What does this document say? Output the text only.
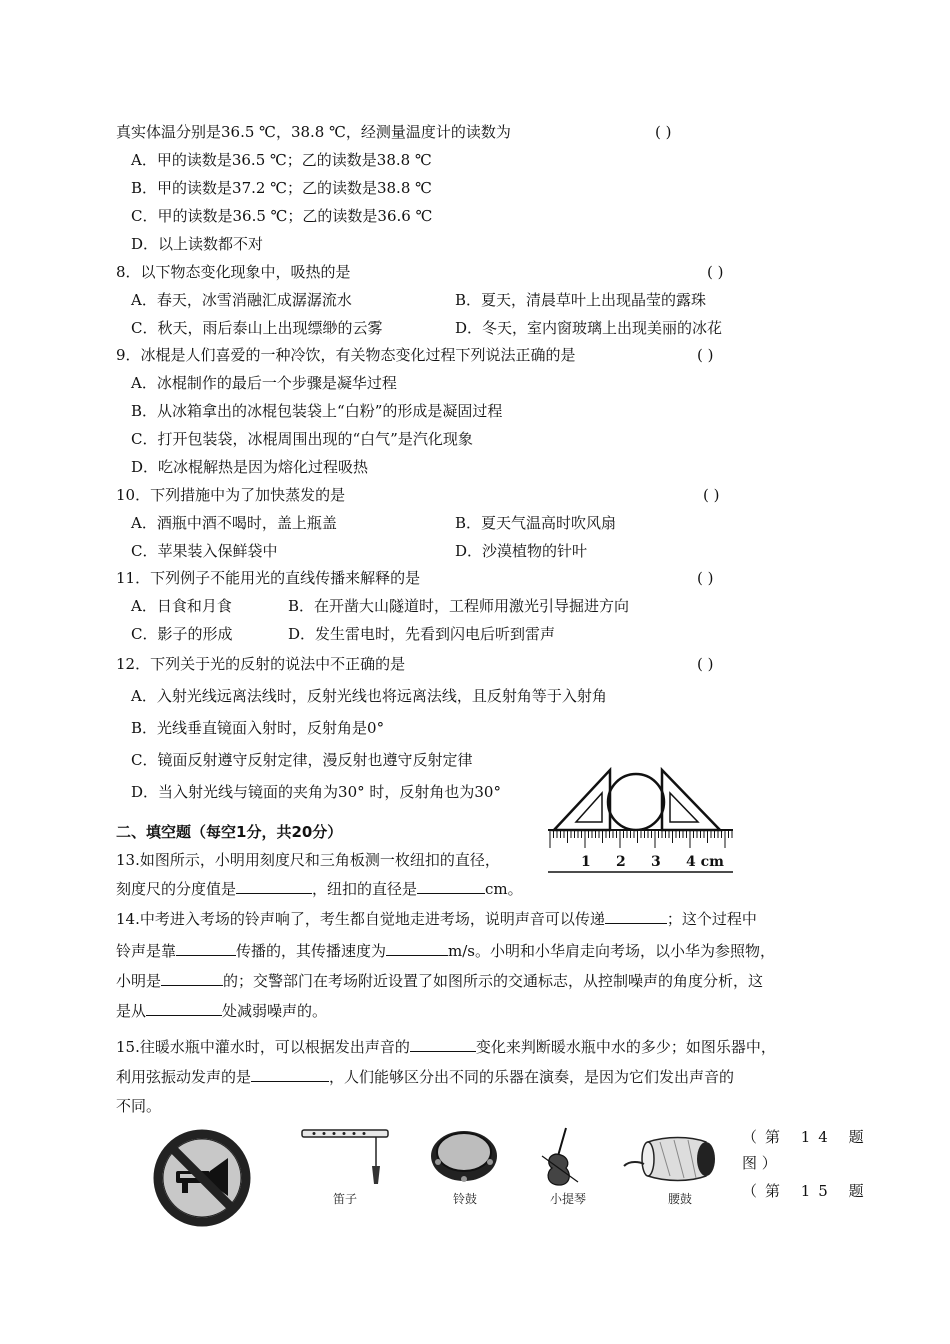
真实体温分别是36.5 ℃，38.8 ℃，经测量温度计的读数为	( )
A．甲的读数是36.5 ℃；乙的读数是38.8 ℃
B．甲的读数是37.2 ℃；乙的读数是38.8 ℃
C．甲的读数是36.5 ℃；乙的读数是36.6 ℃
D．以上读数都不对
8．以下物态变化现象中，吸热的是	( )
A．春天，冰雪消融汇成潺潺流水	B．夏天，清晨草叶上出现晶莹的露珠
C．秋天，雨后泰山上出现缥缈的云雾	D．冬天，室内窗玻璃上出现美丽的冰花
9．冰棍是人们喜爱的一种冷饮，有关物态变化过程下列说法正确的是	( )
A．冰棍制作的最后一个步骤是凝华过程
B．从冰箱拿出的冰棍包装袋上“白粉”的形成是凝固过程
C．打开包装袋，冰棍周围出现的“白气”是汽化现象
D．吃冰棍解热是因为熔化过程吸热
10．下列措施中为了加快蒸发的是	( )
A．酒瓶中酒不喝时，盖上瓶盖	B．夏天气温高时吹风扇
C．苹果装入保鲜袋中	D．沙漠植物的针叶
11．下列例子不能用光的直线传播来解释的是	( )
A．日食和月食	B．在开凿大山隧道时，工程师用激光引导掘进方向
C．影子的形成	D．发生雷电时，先看到闪电后听到雷声
12．下列关于光的反射的说法中不正确的是	( )
A．入射光线远离法线时，反射光线也将远离法线，且反射角等于入射角
B．光线垂直镜面入射时，反射角是0°
C．镜面反射遵守反射定律，漫反射也遵守反射定律
D．当入射光线与镜面的夹角为30° 时，反射角也为30°
1 2 3 4 cm
二、填空题（每空1分，共20分）
13.如图所示，小明用刻度尺和三角板测一枚纽扣的直径，
刻度尺的分度值是	，纽扣的直径是	cm。
14.中考进入考场的铃声响了，考生都自觉地走进考场，说明声音可以传递	；这个过程中
铃声是靠	传播的，其传播速度为	m/s。小明和小华肩走向考场，以小华为参照物，
小明是	的；交警部门在考场附近设置了如图所示的交通标志，从控制噪声的角度分析，这
是从	处减弱噪声的。
15.往暖水瓶中灌水时，可以根据发出声音的	变化来判断暖水瓶中水的多少；如图乐器中，
利用弦振动发声的是	，人们能够区分出不同的乐器在演奏，是因为它们发出声音的
不同。
笛子	铃鼓	小提琴	腰鼓
（第 14 题
图 ）
（第 15 题
